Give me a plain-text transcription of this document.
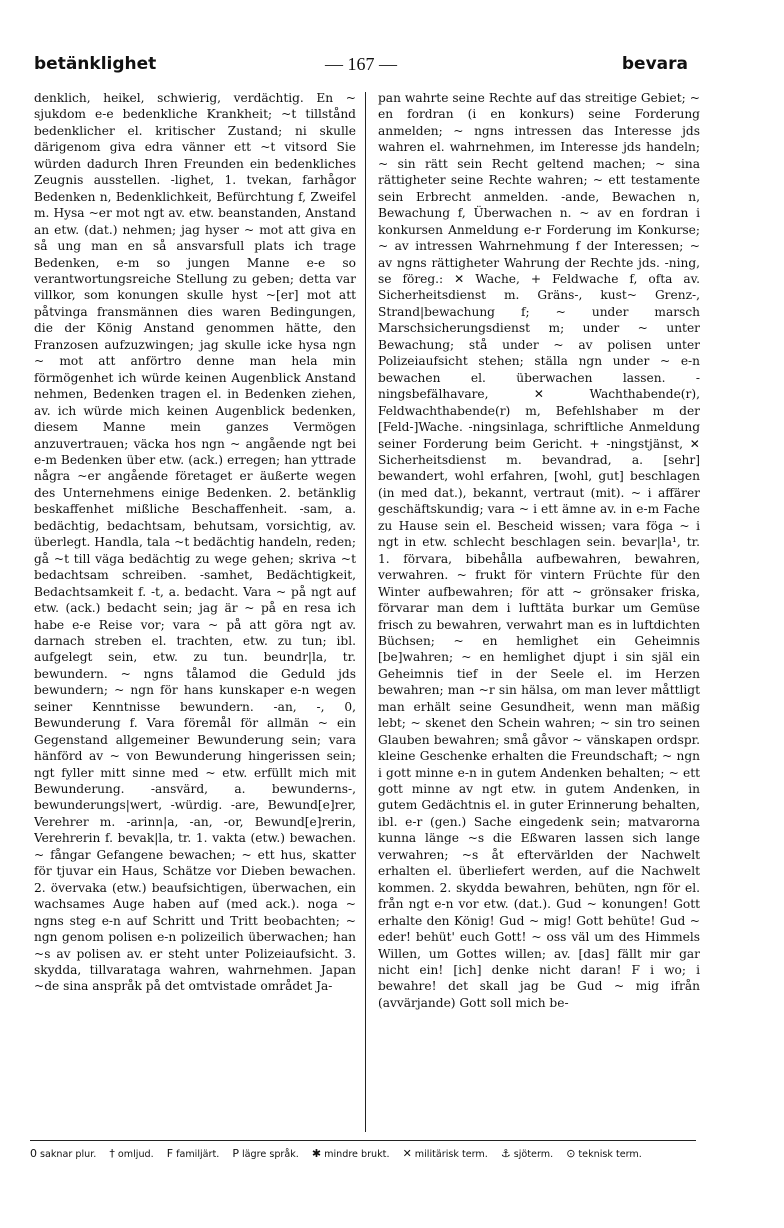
betänklighet	— 167 —	bevara

denklich, heikel, schwierig, verdächtig. En ~ sjukdom e-e bedenkliche Krankheit; ~t tillstånd bedenklicher el. kritischer Zustand; ni skulle därigenom giva edra vänner ett ~t vitsord Sie würden dadurch Ihren Freunden ein bedenkliches Zeugnis ausstellen. -lighet, 1. tvekan, farhågor Bedenken n, Bedenklichkeit, Befürchtung f, Zweifel m. Hysa ~er mot ngt av. etw. beanstanden, Anstand an etw. (dat.) nehmen; jag hyser ~ mot att giva en så ung man en så ansvarsfull plats ich trage Bedenken, e-m so jungen Manne e-e so verantwortungsreiche Stellung zu geben; detta var villkor, som konungen skulle hyst ~[er] mot att påtvinga fransmännen dies waren Bedingungen, die der König Anstand genommen hätte, den Franzosen aufzuzwingen; jag skulle icke hysa ngn ~ mot att anförtro denne man hela min förmögenhet ich würde keinen Augenblick Anstand nehmen, Bedenken tragen el. in Bedenken ziehen, av. ich würde mich keinen Augenblick bedenken, diesem Manne mein ganzes Vermögen anzuvertrauen; väcka hos ngn ~ angående ngt bei e-m Bedenken über etw. (ack.) erregen; han yttrade några ~er angående företaget er äußerte wegen des Unternehmens einige Bedenken. 2. betänklig beskaffenhet mißliche Beschaffenheit. -sam, a. bedächtig, bedachtsam, behutsam, vorsichtig, av. überlegt. Handla, tala ~t bedächtig handeln, reden; gå ~t till väga bedächtig zu wege gehen; skriva ~t bedachtsam schreiben. -samhet, Bedächtigkeit, Bedachtsamkeit f. -t, a. bedacht. Vara ~ på ngt auf etw. (ack.) bedacht sein; jag är ~ på en resa ich habe e-e Reise vor; vara ~ på att göra ngt av. darnach streben el. trachten, etw. zu tun; ibl. aufgelegt sein, etw. zu tun. beundr|la, tr. bewundern. ~ ngns tålamod die Geduld jds bewundern; ~ ngn för hans kunskaper e-n wegen seiner Kenntnisse bewundern. -an, -, 0, Bewunderung f. Vara föremål för allmän ~ ein Gegenstand allgemeiner Bewunderung sein; vara hänförd av ~ von Bewunderung hingerissen sein; ngt fyller mitt sinne med ~ etw. erfüllt mich mit Bewunderung. -ansvärd, a. bewunderns-, bewunderungs|wert, -würdig. -are, Bewund[e]rer, Verehrer m. -arinn|a, -an, -or, Bewund[e]rerin, Verehrerin f. bevak|la, tr. 1. vakta (etw.) bewachen. ~ fångar Gefangene bewachen; ~ ett hus, skatter för tjuvar ein Haus, Schätze vor Dieben bewachen. 2. övervaka (etw.) beaufsichtigen, überwachen, ein wachsames Auge haben auf (med ack.). noga ~ ngns steg e-n auf Schritt und Tritt beobachten; ~ ngn genom polisen e-n polizeilich überwachen; han ~s av polisen av. er steht unter Polizeiaufsicht. 3. skydda, tillvarataga wahren, wahrnehmen. Japan ~de sina anspråk på det omtvistade området Ja-

pan wahrte seine Rechte auf das streitige Gebiet; ~ en fordran (i en konkurs) seine Forderung anmelden; ~ ngns intressen das Interesse jds wahren el. wahrnehmen, im Interesse jds handeln; ~ sin rätt sein Recht geltend machen; ~ sina rättigheter seine Rechte wahren; ~ ett testamente sein Erbrecht anmelden. -ande, Bewachen n, Bewachung f, Überwachen n. ~ av en fordran i konkursen Anmeldung e-r Forderung im Konkurse; ~ av intressen Wahrnehmung f der Interessen; ~ av ngns rättigheter Wahrung der Rechte jds. -ning, se föreg.: ✕ Wache, + Feldwache f, ofta av. Sicherheitsdienst m. Gräns-, kust~ Grenz-, Strand|bewachung f; ~ under marsch Marschsicherungsdienst m; under ~ unter Bewachung; stå under ~ av polisen unter Polizeiaufsicht stehen; ställa ngn under ~ e-n bewachen el. überwachen lassen. -ningsbefälhavare, ✕ Wachthabende(r), Feldwachthabende(r) m, Befehlshaber m der [Feld-]Wache. -ningsinlaga, schriftliche Anmeldung seiner Forderung beim Gericht. + -ningstjänst, ✕ Sicherheitsdienst m. bevandrad, a. [sehr] bewandert, wohl erfahren, [wohl, gut] beschlagen (in med dat.), bekannt, vertraut (mit). ~ i affärer geschäftskundig; vara ~ i ett ämne av. in e-m Fache zu Hause sein el. Bescheid wissen; vara föga ~ i ngt in etw. schlecht beschlagen sein. bevar|la¹, tr. 1. förvara, bibehålla aufbewahren, bewahren, verwahren. ~ frukt för vintern Früchte für den Winter aufbewahren; för att ~ grönsaker friska, förvarar man dem i lufttäta burkar um Gemüse frisch zu bewahren, verwahrt man es in luftdichten Büchsen; ~ en hemlighet ein Geheimnis [be]wahren; ~ en hemlighet djupt i sin själ ein Geheimnis tief in der Seele el. im Herzen bewahren; man ~r sin hälsa, om man lever måttligt man erhält seine Gesundheit, wenn man mäßig lebt; ~ skenet den Schein wahren; ~ sin tro seinen Glauben bewahren; små gåvor ~ vänskapen ordspr. kleine Geschenke erhalten die Freundschaft; ~ ngn i gott minne e-n in gutem Andenken behalten; ~ ett gott minne av ngt etw. in gutem Andenken, in gutem Gedächtnis el. in guter Erinnerung behalten, ibl. e-r (gen.) Sache eingedenk sein; matvarorna kunna länge ~s die Eßwaren lassen sich lange verwahren; ~s åt eftervärlden der Nachwelt erhalten el. überliefert werden, auf die Nachwelt kommen. 2. skydda bewahren, behüten, ngn för el. från ngt e-n vor etw. (dat.). Gud ~ konungen! Gott erhalte den König! Gud ~ mig! Gott behüte! Gud ~ eder! behüt' euch Gott! ~ oss väl um des Himmels Willen, um Gottes willen; av. [das] fällt mir gar nicht ein! [ich] denke nicht daran! F i wo; i bewahre! det skall jag be Gud ~ mig ifrån (avvärjande) Gott soll mich be-

0 saknar plur. † omljud. F familjärt. P lägre språk. ✱ mindre brukt. ✕ militärisk term. ⚓ sjöterm. ⊙ teknisk term.
